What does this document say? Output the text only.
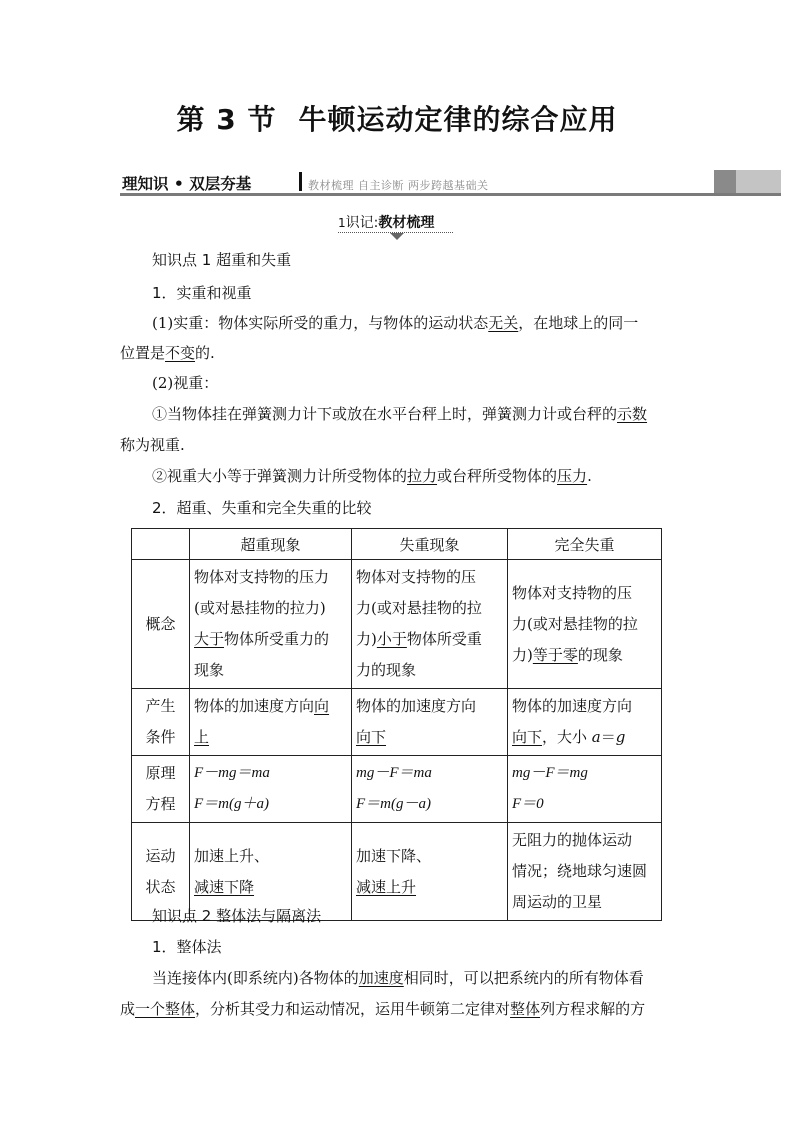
第 3 节 牛顿运动定律的综合应用
理知识 • 双层夯基	教材梳理 自主诊断 两步跨越基础关
1识记:教材梳理
知识点 1 超重和失重
1．实重和视重
(1)实重：物体实际所受的重力，与物体的运动状态无关，在地球上的同一
位置是不变的.
(2)视重：
①当物体挂在弹簧测力计下或放在水平台秤上时，弹簧测力计或台秤的示数
称为视重.
②视重大小等于弹簧测力计所受物体的拉力或台秤所受物体的压力.
2．超重、失重和完全失重的比较
	超重现象	失重现象	完全失重
概念	物体对支持物的压力
(或对悬挂物的拉力)
大于物体所受重力的
现象	物体对支持物的压
力(或对悬挂物的拉
力)小于物体所受重
力的现象	物体对支持物的压
力(或对悬挂物的拉
力)等于零的现象
产生
条件	物体的加速度方向向
上	物体的加速度方向
向下	物体的加速度方向
向下，大小 a＝g
原理
方程	F－mg＝ma
F＝m(g＋a)	mg－F＝ma
F＝m(g－a)	mg－F＝mg
F＝0
运动
状态	加速上升、
减速下降	加速下降、
减速上升	无阻力的抛体运动
情况；绕地球匀速圆
周运动的卫星
知识点 2 整体法与隔离法
1．整体法
当连接体内(即系统内)各物体的加速度相同时，可以把系统内的所有物体看
成一个整体，分析其受力和运动情况，运用牛顿第二定律对整体列方程求解的方
